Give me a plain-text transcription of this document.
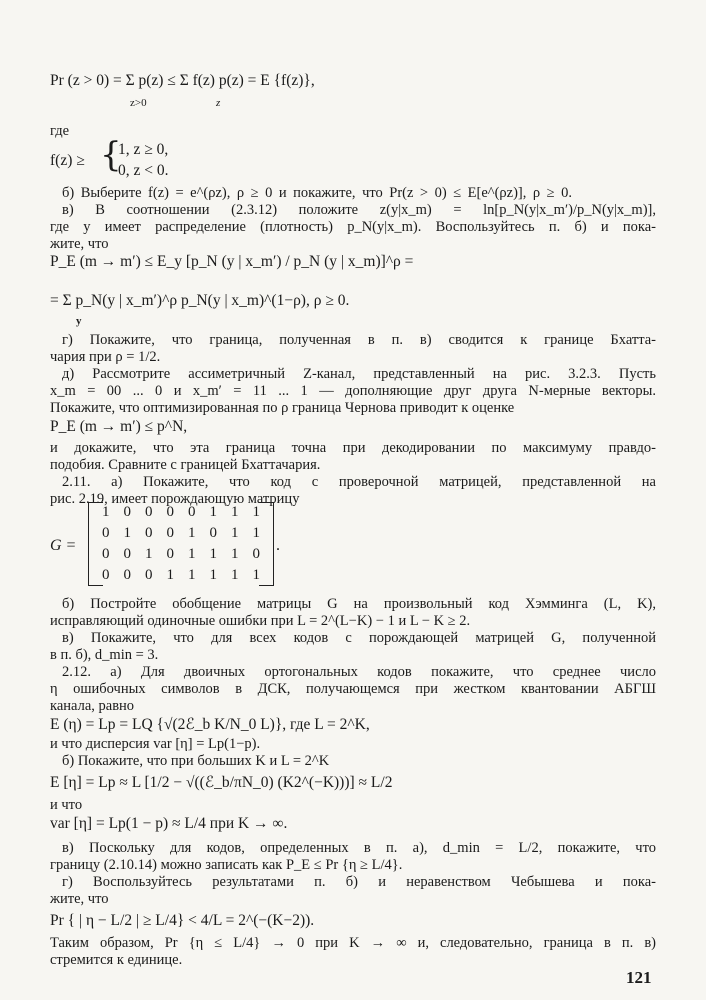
Pr (z > 0) = Σ p(z) ≤ Σ f(z) p(z) = E {f(z)},
z>0	z
где
f(z) ≥ {
1, z ≥ 0,
0, z < 0.
б) Выберите f(z) = e^(ρz), ρ ≥ 0 и покажите, что Pr(z > 0) ≤ E[e^(ρz)], ρ ≥ 0.
в) В соотношении (2.3.12) положите z(y|x_m) = ln[p_N(y|x_m′)/p_N(y|x_m)],
где y имеет распределение (плотность) p_N(y|x_m). Воспользуйтесь п. б) и пока-
жите, что
P_E (m → m′) ≤ E_y [p_N (y | x_m′) / p_N (y | x_m)]^ρ =
= Σ p_N(y | x_m′)^ρ p_N(y | x_m)^(1−ρ), ρ ≥ 0.
y
г) Покажите, что граница, полученная в п. в) сводится к границе Бхатта-
чария при ρ = 1/2.
д) Рассмотрите ассиметричный Z-канал, представленный на рис. 3.2.3. Пусть
x_m = 00 ... 0 и x_m′ = 11 ... 1 — дополняющие друг друга N-мерные векторы.
Покажите, что оптимизированная по ρ граница Чернова приводит к оценке
P_E (m → m′) ≤ p^N,
и докажите, что эта граница точна при декодировании по максимуму правдо-
подобия. Сравните с границей Бхаттачария.
2.11. а) Покажите, что код с проверочной матрицей, представленной на
рис. 2.19, имеет порождающую матрицу
G =
1 0 0 0 0 1 1 1
0 1 0 0 1 0 1 1
0 0 1 0 1 1 1 0
0 0 0 1 1 1 1 1
.
б) Постройте обобщение матрицы G на произвольный код Хэмминга (L, K),
исправляющий одиночные ошибки при L = 2^(L−K) − 1 и L − K ≥ 2.
в) Покажите, что для всех кодов с порождающей матрицей G, полученной
в п. б), d_min = 3.
2.12. а) Для двоичных ортогональных кодов покажите, что среднее число
η ошибочных символов в ДСК, получающемся при жестком квантовании АБГШ
канала, равно
E (η) = Lp = LQ {√(2ℰ_b K/N_0 L)}, где L = 2^K,
и что дисперсия var [η] = Lp(1−p).
б) Покажите, что при больших K и L = 2^K
E [η] = Lp ≈ L [1/2 − √((ℰ_b/πN_0) (K2^(−K)))] ≈ L/2
и что
var [η] = Lp(1 − p) ≈ L/4 при K → ∞.
в) Поскольку для кодов, определенных в п. а), d_min = L/2, покажите, что
границу (2.10.14) можно записать как P_E ≤ Pr {η ≥ L/4}.
г) Воспользуйтесь результатами п. б) и неравенством Чебышева и пока-
жите, что
Pr { | η − L/2 | ≥ L/4} < 4/L = 2^(−(K−2)).
Таким образом, Pr {η ≤ L/4} → 0 при K → ∞ и, следовательно, граница в п. в)
стремится к единице.
121
